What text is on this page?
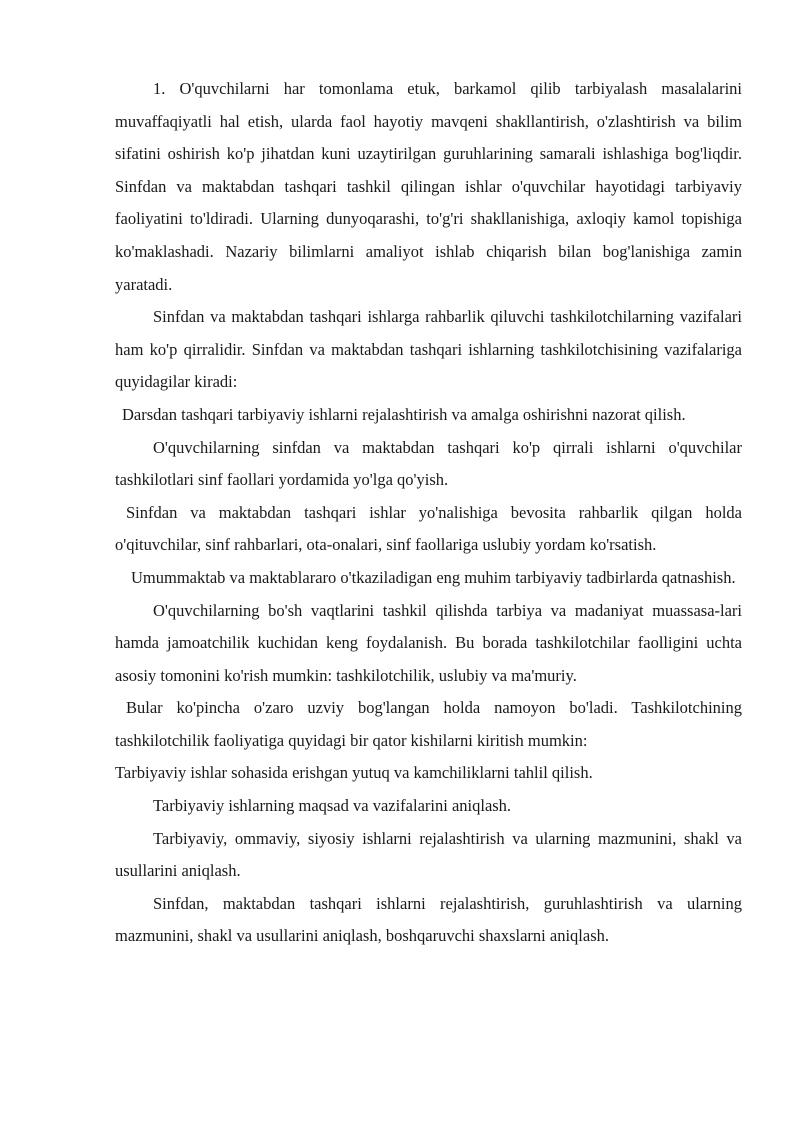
1. O'quvchilarni har tomonlama etuk, barkamol qilib tarbiyalash masalalarini muvaffaqiyatli hal etish, ularda faol hayotiy mavqeni shakllantirish, o'zlashtirish va bilim sifatini oshirish ko'p jihatdan kuni uzaytirilgan guruhlarining samarali ishlashiga bog'liqdir. Sinfdan va maktabdan tashqari tashkil qilingan ishlar o'quvchilar hayotidagi tarbiyaviy faoliyatini to'ldiradi. Ularning dunyoqarashi, to'g'ri shakllanishiga, axloqiy kamol topishiga ko'maklashadi. Nazariy bilimlarni amaliyot ishlab chiqarish bilan bog'lanishiga zamin yaratadi.

Sinfdan va maktabdan tashqari ishlarga rahbarlik qiluvchi tashkilotchilarning vazifalari ham ko'p qirralidir. Sinfdan va maktabdan tashqari ishlarning tashkilotchisining vazifalariga quyidagilar kiradi:

Darsdan tashqari tarbiyaviy ishlarni rejalashtirish va amalga oshirishni nazorat qilish.

O'quvchilarning sinfdan va maktabdan tashqari ko'p qirrali ishlarni o'quvchilar tashkilotlari sinf faollari yordamida yo'lga qo'yish.

Sinfdan va maktabdan tashqari ishlar yo'nalishiga bevosita rahbarlik qilgan holda o'qituvchilar, sinf rahbarlari, ota-onalari, sinf faollariga uslubiy yordam ko'rsatish.

Umummaktab va maktablararo o'tkaziladigan eng muhim tarbiyaviy tadbirlarda qatnashish.

O'quvchilarning bo'sh vaqtlarini tashkil qilishda tarbiya va madaniyat muassasa-lari hamda jamoatchilik kuchidan keng foydalanish. Bu borada tashkilotchilar faolligini uchta asosiy tomonini ko'rish mumkin: tashkilotchilik, uslubiy va ma'muriy.

Bular ko'pincha o'zaro uzviy bog'langan holda namoyon bo'ladi. Tashkilotchining tashkilotchilik faoliyatiga quyidagi bir qator kishilarni kiritish mumkin:

Tarbiyaviy ishlar sohasida erishgan yutuq va kamchiliklarni tahlil qilish.

Tarbiyaviy ishlarning maqsad va vazifalarini aniqlash.

Tarbiyaviy, ommaviy, siyosiy ishlarni rejalashtirish va ularning mazmunini, shakl va usullarini aniqlash.

Sinfdan, maktabdan tashqari ishlarni rejalashtirish, guruhlashtirish va ularning mazmunini, shakl va usullarini aniqlash, boshqaruvchi shaxslarni aniqlash.
